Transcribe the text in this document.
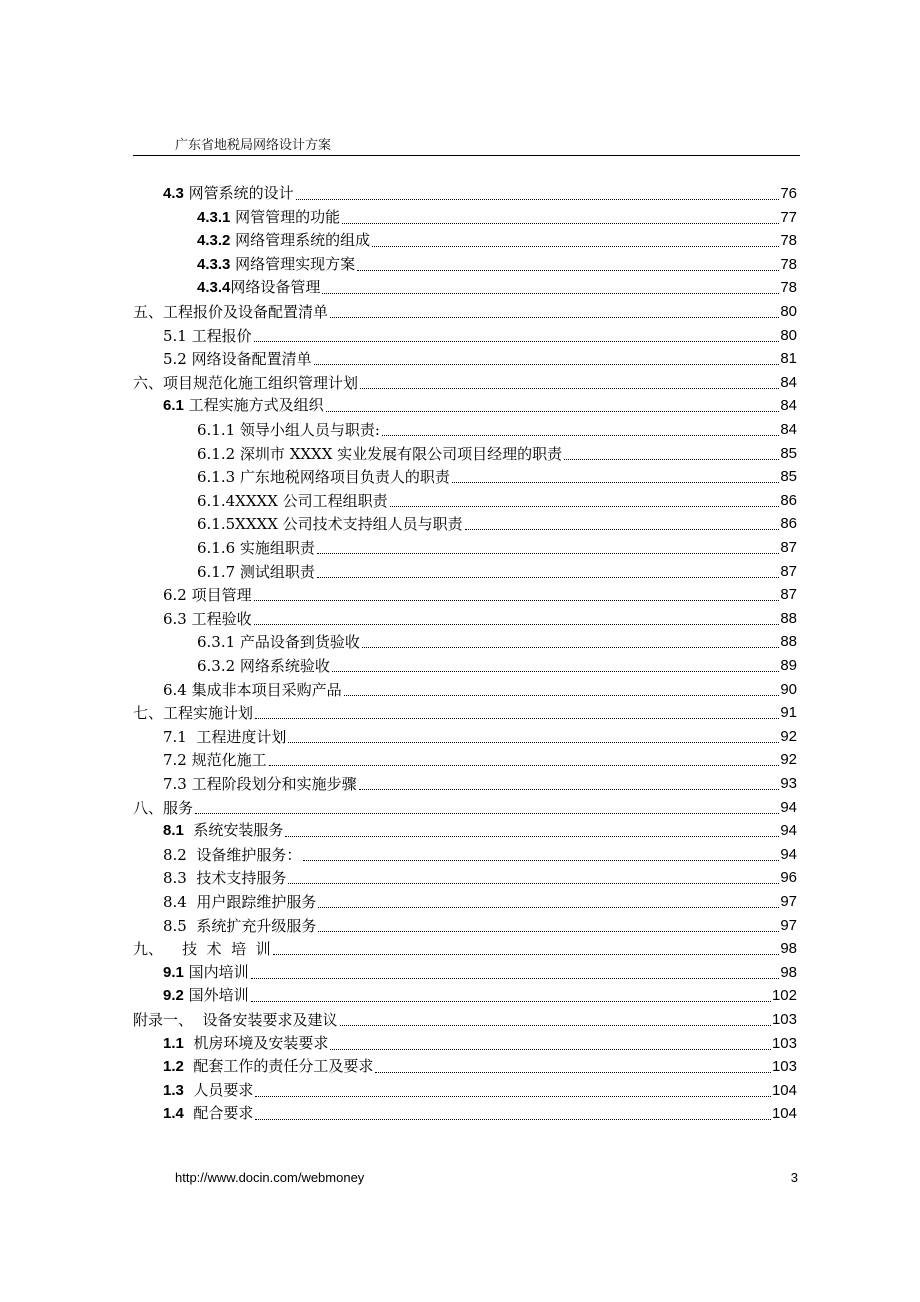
广东省地税局网络设计方案
4.3 网管系统的设计	76
4.3.1 网管管理的功能	77
4.3.2 网络管理系统的组成	78
4.3.3 网络管理实现方案	78
4.3.4网络设备管理	78
五、工程报价及设备配置清单	80
5.1 工程报价	80
5.2 网络设备配置清单	81
六、项目规范化施工组织管理计划	84
6.1 工程实施方式及组织	84
6.1.1 领导小组人员与职责:	84
6.1.2 深圳市 XXXX 实业发展有限公司项目经理的职责	85
6.1.3 广东地税网络项目负责人的职责	85
6.1.4XXXX 公司工程组职责	86
6.1.5XXXX 公司技术支持组人员与职责	86
6.1.6 实施组职责	87
6.1.7 测试组职责	87
6.2 项目管理	87
6.3 工程验收	88
6.3.1 产品设备到货验收	88
6.3.2 网络系统验收	89
6.4 集成非本项目采购产品	90
七、工程实施计划	91
7.1  工程进度计划	92
7.2 规范化施工	92
7.3 工程阶段划分和实施步骤	93
八、服务	94
8.1  系统安装服务	94
8.2  设备维护服务：	94
8.3  技术支持服务	96
8.4  用户跟踪维护服务	97
8.5  系统扩充升级服务	97
九、    技  术  培  训	98
9.1 国内培训	98
9.2 国外培训	102
附录一、  设备安装要求及建议	103
1.1  机房环境及安装要求	103
1.2  配套工作的责任分工及要求	103
1.3  人员要求	104
1.4  配合要求	104
http://www.docin.com/webmoney	3
